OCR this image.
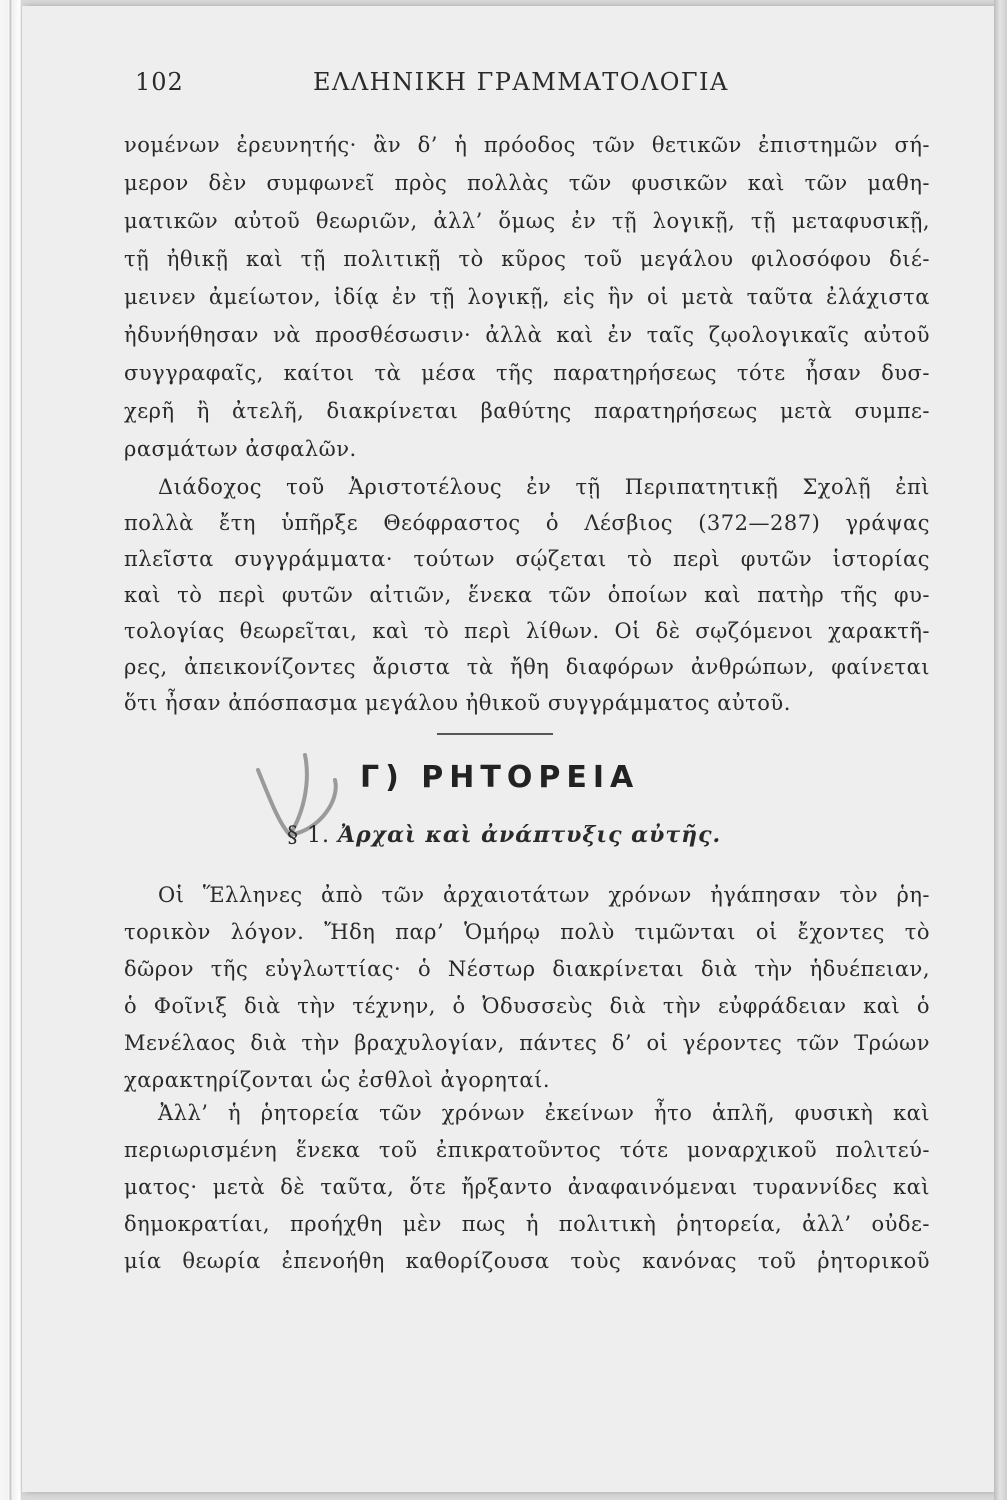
102	ΕΛΛΗΝΙΚΗ ΓΡΑΜΜΑΤΟΛΟΓΙΑ
νομένων ἐρευνητής· ἂν δ’ ἡ πρόοδος τῶν θετικῶν ἐπιστημῶν σή-
μερον δὲν συμφωνεῖ πρὸς πολλὰς τῶν φυσικῶν καὶ τῶν μαθη-
ματικῶν αὐτοῦ θεωριῶν, ἀλλ’ ὅμως ἐν τῇ λογικῇ, τῇ μεταφυσικῇ,
τῇ ἠθικῇ καὶ τῇ πολιτικῇ τὸ κῦρος τοῦ μεγάλου φιλοσόφου διέ-
μεινεν ἀμείωτον, ἰδίᾳ ἐν τῇ λογικῇ, εἰς ἣν οἱ μετὰ ταῦτα ἐλάχιστα
ἠδυνήθησαν νὰ προσθέσωσιν· ἀλλὰ καὶ ἐν ταῖς ζῳολογικαῖς αὐτοῦ
συγγραφαῖς, καίτοι τὰ μέσα τῆς παρατηρήσεως τότε ἦσαν δυσ-
χερῆ ἢ ἀτελῆ, διακρίνεται βαθύτης παρατηρήσεως μετὰ συμπε-
ρασμάτων ἀσφαλῶν.
Διάδοχος τοῦ Ἀριστοτέλους ἐν τῇ Περιπατητικῇ Σχολῇ ἐπὶ
πολλὰ ἔτη ὑπῆρξε Θεόφραστος ὁ Λέσβιος (372—287) γράψας
πλεῖστα συγγράμματα· τούτων σῴζεται τὸ περὶ φυτῶν ἱστορίας
καὶ τὸ περὶ φυτῶν αἰτιῶν, ἕνεκα τῶν ὁποίων καὶ πατὴρ τῆς φυ-
τολογίας θεωρεῖται, καὶ τὸ περὶ λίθων. Οἱ δὲ σῳζόμενοι χαρακτῆ-
ρες, ἀπεικονίζοντες ἄριστα τὰ ἤθη διαφόρων ἀνθρώπων, φαίνεται
ὅτι ἦσαν ἀπόσπασμα μεγάλου ἠθικοῦ συγγράμματος αὐτοῦ.
Γ) ΡΗΤΟΡΕΙΑ
§ 1. Ἀρχαὶ καὶ ἀνάπτυξις αὐτῆς.
Οἱ Ἕλληνες ἀπὸ τῶν ἀρχαιοτάτων χρόνων ἠγάπησαν τὸν ῥη-
τορικὸν λόγον. Ἤδη παρ’ Ὁμήρῳ πολὺ τιμῶνται οἱ ἔχοντες τὸ
δῶρον τῆς εὐγλωττίας· ὁ Νέστωρ διακρίνεται διὰ τὴν ἡδυέπειαν,
ὁ Φοῖνιξ διὰ τὴν τέχνην, ὁ Ὀδυσσεὺς διὰ τὴν εὐφράδειαν καὶ ὁ
Μενέλαος διὰ τὴν βραχυλογίαν, πάντες δ’ οἱ γέροντες τῶν Τρώων
χαρακτηρίζονται ὡς ἐσθλοὶ ἀγορηταί.
Ἀλλ’ ἡ ῥητορεία τῶν χρόνων ἐκείνων ἦτο ἁπλῆ, φυσικὴ καὶ
περιωρισμένη ἕνεκα τοῦ ἐπικρατοῦντος τότε μοναρχικοῦ πολιτεύ-
ματος· μετὰ δὲ ταῦτα, ὅτε ἤρξαντο ἀναφαινόμεναι τυραννίδες καὶ
δημοκρατίαι, προήχθη μὲν πως ἡ πολιτικὴ ῥητορεία, ἀλλ’ οὐδε-
μία θεωρία ἐπενοήθη καθορίζουσα τοὺς κανόνας τοῦ ῥητορικοῦ
